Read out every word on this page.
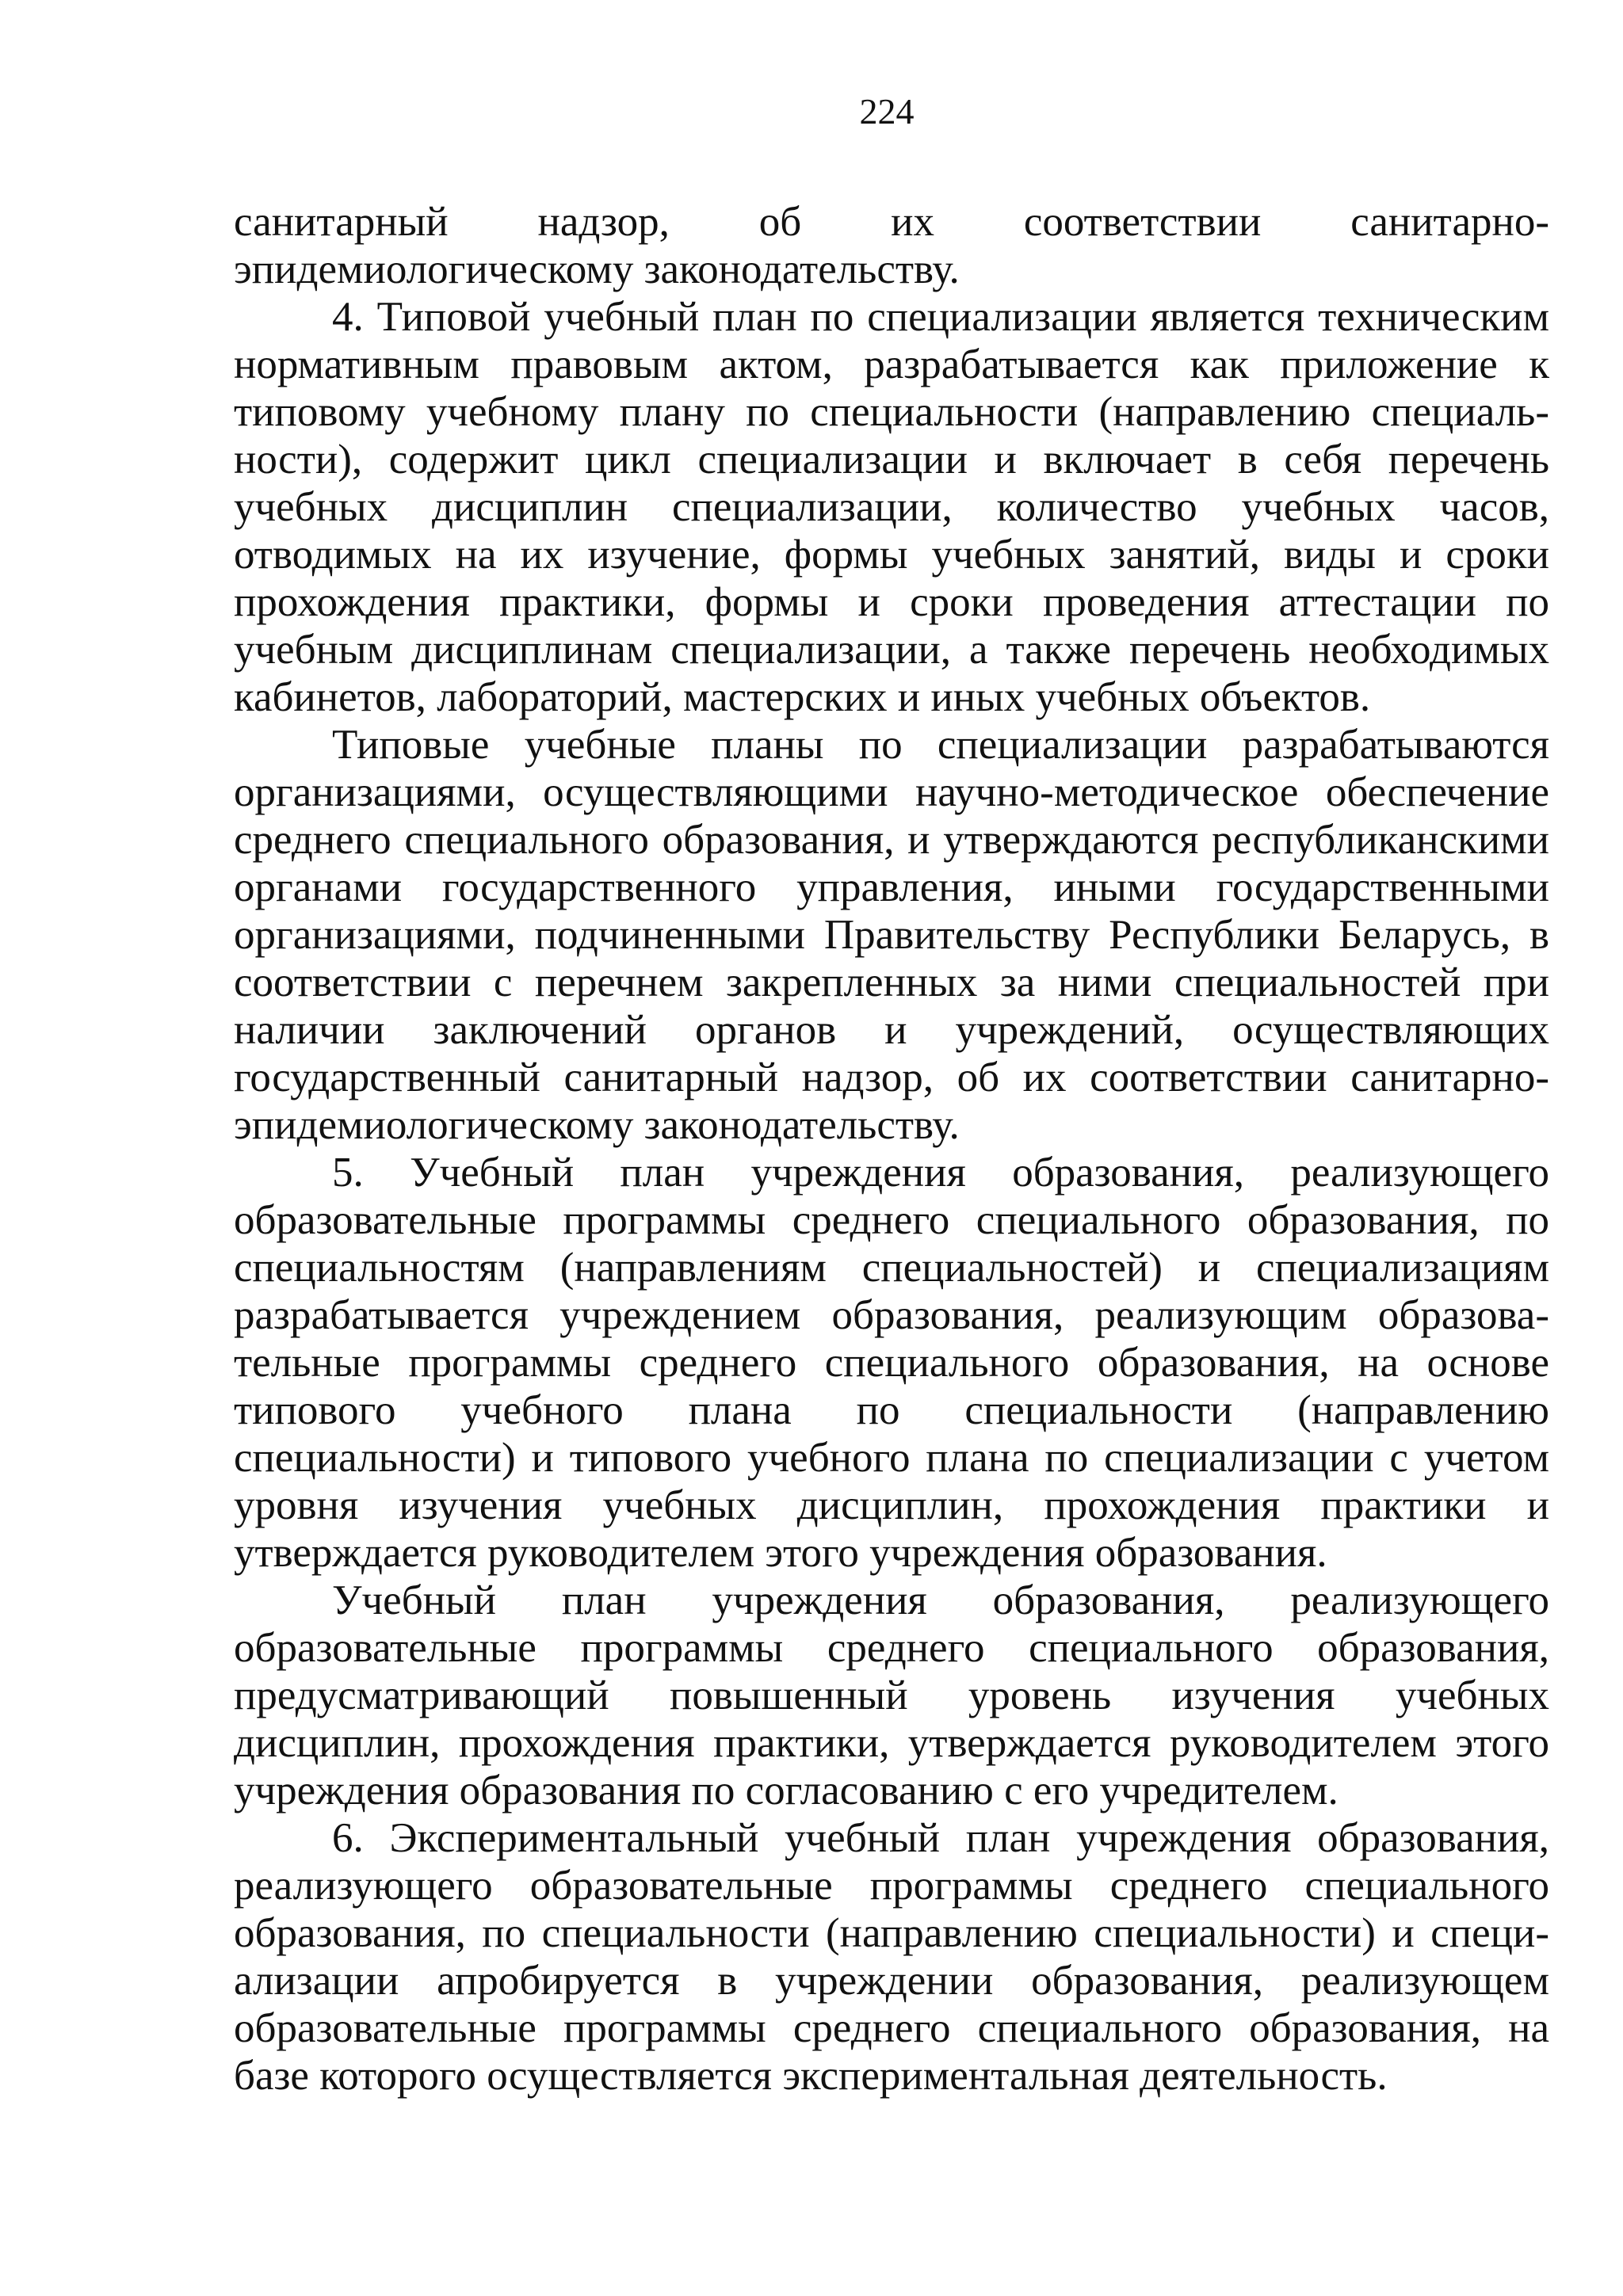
224

санитарный надзор, об их соответствии санитарно-эпидемиологическому законодательству.

4. Типовой учебный план по специализации является техническим нормативным правовым актом, разрабатывается как приложение к типовому учебному плану по специальности (направлению специальности), содержит цикл специализации и включает в себя перечень учебных дисциплин специализации, количество учебных часов, отводимых на их изучение, формы учебных занятий, виды и сроки прохождения практики, формы и сроки проведения аттестации по учебным дисциплинам специализации, а также перечень необходимых кабинетов, лабораторий, мастерских и иных учебных объектов.

Типовые учебные планы по специализации разрабатываются организациями, осуществляющими научно-методическое обеспечение среднего специального образования, и утверждаются республиканскими органами государственного управления, иными государственными организациями, подчиненными Правительству Республики Беларусь, в соответствии с перечнем закрепленных за ними специальностей при наличии заключений органов и учреждений, осуществляющих государственный санитарный надзор, об их соответствии санитарно-эпидемиологическому законодательству.

5. Учебный план учреждения образования, реализующего образовательные программы среднего специального образования, по специальностям (направлениям специальностей) и специализациям разрабатывается учреждением образования, реализующим образовательные программы среднего специального образования, на основе типового учебного плана по специальности (направлению специальности) и типового учебного плана по специализации с учетом уровня изучения учебных дисциплин, прохождения практики и утверждается руководителем этого учреждения образования.

Учебный план учреждения образования, реализующего образовательные программы среднего специального образования, предусматривающий повышенный уровень изучения учебных дисциплин, прохождения практики, утверждается руководителем этого учреждения образования по согласованию с его учредителем.

6. Экспериментальный учебный план учреждения образования, реализующего образовательные программы среднего специального образования, по специальности (направлению специальности) и специализации апробируется в учреждении образования, реализующем образовательные программы среднего специального образования, на базе которого осуществляется экспериментальная деятельность.
